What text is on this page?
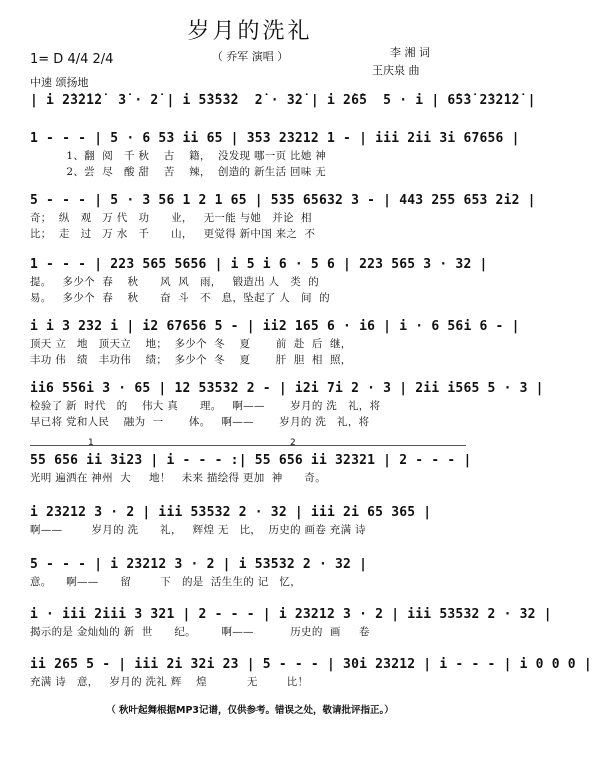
岁月的洗礼
（ 乔军 演唱 ）	李 湘 词
王庆泉 曲
1= D 4/4 2/4
中速 颂扬地
1	2
| i 2̇3̇2̇1̇2̇  3̇ · 2̇ | i 5̇3̇5̇3̇2  2̇ · 3̇2̇ | i 2̇6̇5  5 · i | 6̇5̇3̇ 2̇3̇2̇1̇2̇ |
1 - - - | 5 · 6 53 ii 65 | 353 23212 1 - | iii 2ii 3i 67656 |
1、翻  阅   千 秋    古    籍，  没发现 哪一页 比她 神
2、尝  尽   酸 甜    苦    辣，  创造的 新生活 回味 无
5 - - - | 5 · 3 56 1 2 1 65 | 535 65632 3 - | 443 255 653 2i2 |
奇；  纵   观   万 代   功      业，   无一能 与她   并论  相
比；  走   过   万 水   千      山，   更觉得 新中国 来之  不
1 - - - | 223 565 5656 | i 5 i 6 · 5 6 | 223 565 3 · 32 |
提。   多少个  春    秋      风  风   雨，   锻造出 人   类  的
易。   多少个  春    秋      奋  斗   不   息，坠起了 人   间  的
i i 3 232 i | i2 67656 5 - | ii2 165 6 · i6 | i · 6 56i 6 - |
顶天 立   地   顶天立    地；  多少个  冬    夏       前  赴  后  继，
丰功 伟   绩   丰功伟    绩；  多少个  冬    夏       肝  胆  相  照，
ii6 556i 3 · 65 | 12 53532 2 - | i2i 7i 2 · 3 | 2ii i565 5 · 3 |
检验了 新  时代   的    伟大 真      理。   啊——       岁月的 洗   礼，将
早已将 党和人民    融为  一       体。   啊——       岁月的 洗   礼，将
55 656 ii 3i23 | i - - - :| 55 656 ii 32321 | 2 - - - |
光明 遍洒在 神州  大     地！   未来 描绘得 更加  神      奇。
i 23212 3 · 2 | iii 53532 2 · 32 | iii 2i 65 365 |
啊——        岁月的 洗      礼，   辉煌 无   比，  历史的 画卷 充满 诗
5 - - - | i 23212 3 · 2 | i 53532 2 · 32 |
意。    啊——      留        下   的是  活生生的 记   忆，
i · iii 2iii 3 321 | 2 - - - | i 23212 3 · 2 | iii 53532 2 · 32 |
揭示的是 金灿灿的 新  世      纪。       啊——          历史的  画     卷
ii 265 5 - | iii 2i 32i 23 | 5 - - - | 30i 23212 | i - - - | i 0 0 0 |
充满 诗   意，   岁月的 洗礼 辉    煌           无        比！
（ 秋叶起舞根据MP3记谱，仅供参考。错误之处，敬请批评指正。）
